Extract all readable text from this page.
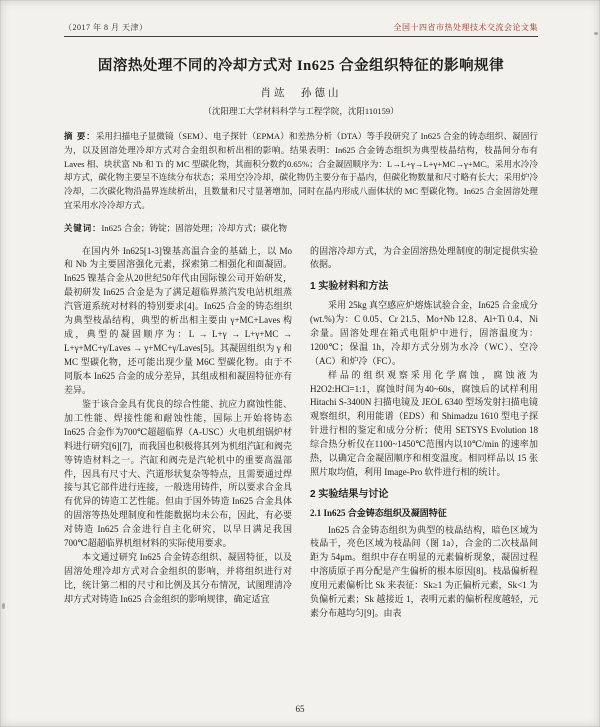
（2017 年 8 月 天津）	全国十四省市热处理技术交流会论文集
固溶热处理不同的冷却方式对 In625 合金组织特征的影响规律
肖竑　孙德山
（沈阳理工大学材料科学与工程学院，沈阳110159）

摘 要：采用扫描电子显微镜（SEM）、电子探针（EPMA）和差热分析（DTA）等手段研究了 In625 合金的铸态组织、凝固行为，以及固溶处理冷却方式对合金组织和析出相的影响。结果表明：In625 合金铸态组织为典型枝晶结构，枝晶间分布有 Laves 相、块状富 Nb 和 Ti 的 MC 型碳化物，其面积分数约0.65%；合金凝固顺序为：L→L+γ→L+γ+MC→γ+MC。采用水冷冷却方式，碳化物主要呈不连续分布状态；采用空冷冷却，碳化物仍主要分布于晶内，但碳化物数量和尺寸略有长大；采用炉冷冷却，二次碳化物沿晶界连续析出，且数量和尺寸显著增加，同时在晶内形成八面体状的 MC 型碳化物。In625 合金固溶处理宜采用水冷冷却方式。

关键词：In625 合金；铸锭；固溶处理；冷却方式；碳化物

在国内外 In625[1-3]镍基高温合金的基础上，以 Mo 和 Nb 为主要固溶强化元素，探索第二相强化和面凝固。In625 镍基合金从20世纪50年代由国际镍公司开始研发，最初研发 In625 合金是为了满足超临界蒸汽发电站机组蒸汽管道系统对材料的特别要求[4]。In625 合金的铸态组织为典型枝晶结构，典型的析出相主要由 γ+MC+Laves 构成，典型的凝固顺序为：L → L+γ → L+γ+MC → L+γ+MC+γ/Laves → γ+MC+γ/Laves[5]。其凝固组织为 γ 和 MC 型碳化物，还可能出现少量 M6C 型碳化物。由于不同版本 In625 合金的成分差异，其组成相和凝固特征亦有差异。

鉴于该合金具有优良的综合性能、抗应力腐蚀性能、加工性能、焊接性能和耐蚀性能，国际上开始将铸态 In625 合金作为700℃超超临界（A-USC）火电机组锅炉材料进行研究[6][7]，而我国也积极将其列为机组汽缸和阀壳等铸造材料之一。汽缸和阀壳是汽轮机中的重要高温部件，因具有尺寸大、汽道形状复杂等特点，且需要通过焊接与其它部件进行连接，一般选用铸件，所以要求合金具有优异的铸造工艺性能。但由于国外铸造 In625 合金具体的固溶等热处理制度和性能数据均未公布，因此，有必要对铸造 In625 合金进行自主化研究，以早日满足我国700℃超超临界机组材料的实际使用要求。

本文通过研究 In625 合金铸态组织、凝固特征，以及固溶处理冷却方式对合金组织的影响，并将组织进行对比，统计第二相的尺寸和比例及其分布情况，试图理清冷却方式对铸造 In625 合金组织的影响规律，确定适宜

的固溶冷却方式，为合金固溶热处理制度的制定提供实验依据。

1 实验材料和方法

采用 25kg 真空感应炉熔炼试验合金，In625 合金成分(wt.%)为：C 0.05、Cr 21.5、Mo+Nb 12.8、Al+Ti 0.4、Ni 余量。固溶处理在箱式电阻炉中进行，固溶温度为：1200℃；保温 1h，冷却方式分别为水冷（WC）、空冷（AC）和炉冷（FC）。

样品的组织观察采用化学腐蚀，腐蚀液为 H2O2:HCl=1:1，腐蚀时间为40~60s，腐蚀后的试样利用 Hitachi S-3400N 扫描电镜及 JEOL 6340 型场发射扫描电镜观察组织，利用能谱（EDS）和 Shimadzu 1610 型电子探针进行相的鉴定和成分分析；使用 SETSYS Evolution 18 综合热分析仪在1100~1450℃范围内以10℃/min 的速率加热，以确定合金凝固顺序和相变温度。相同样品以 15 张照片取均值，利用 Image-Pro 软件进行相的统计。

2 实验结果与讨论
2.1 In625 合金铸态组织及凝固特征

In625 合金铸态组织为典型的枝晶结构，暗色区域为枝晶干，亮色区域为枝晶间（图 1a），合金的二次枝晶间距为 54μm。组织中存在明显的元素偏析现象，凝固过程中溶质原子再分配是产生偏析的根本原因[8]。枝晶偏析程度用元素偏析比 Sk 来表征：Sk≥1 为正偏析元素，Sk<1 为负偏析元素；Sk 越接近 1，表明元素的偏析程度越轻，元素分布越均匀[9]。由表

65
